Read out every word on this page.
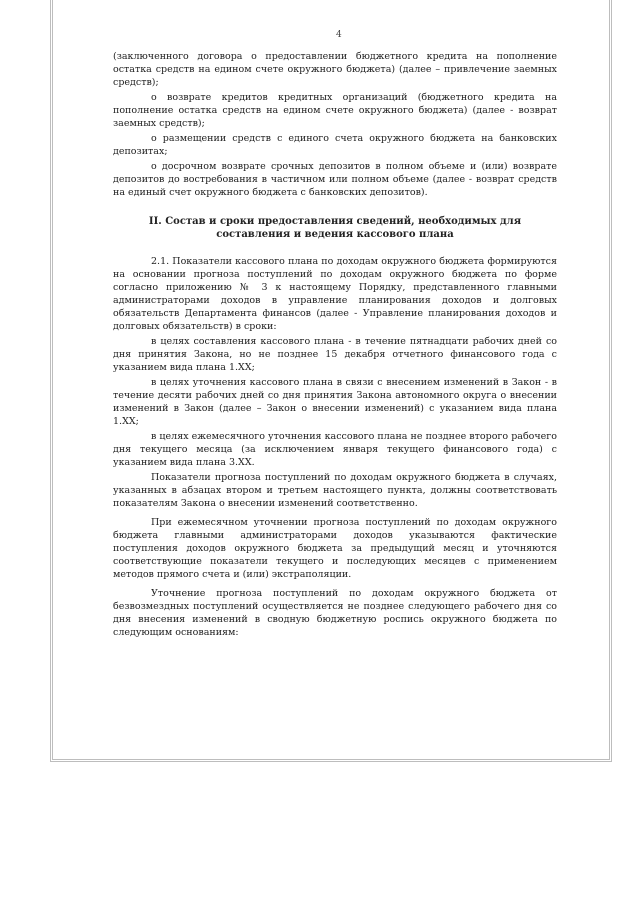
4

(заключенного договора о предоставлении бюджетного кредита на пополнение остатка средств на едином счете окружного бюджета) (далее – привлечение заемных средств);

о возврате кредитов кредитных организаций (бюджетного кредита на пополнение остатка средств на едином счете окружного бюджета) (далее - возврат заемных средств);

о размещении средств с единого счета окружного бюджета на банковских депозитах;

о досрочном возврате срочных депозитов в полном объеме и (или) возврате депозитов до востребования в частичном или полном объеме (далее - возврат средств на единый счет окружного бюджета с банковских депозитов).

II. Состав и сроки предоставления сведений, необходимых для составления и ведения кассового плана

2.1. Показатели кассового плана по доходам окружного бюджета формируются на основании прогноза поступлений по доходам окружного бюджета по форме согласно приложению № 3 к настоящему Порядку, представленного главными администраторами доходов в управление планирования доходов и долговых обязательств Департамента финансов (далее - Управление планирования доходов и долговых обязательств) в сроки:

в целях составления кассового плана - в течение пятнадцати рабочих дней со дня принятия Закона, но не позднее 15 декабря отчетного финансового года с указанием вида плана 1.XX;

в целях уточнения кассового плана в связи с внесением изменений в Закон - в течение десяти рабочих дней со дня принятия Закона автономного округа о внесении изменений в Закон (далее – Закон о внесении изменений) с указанием вида плана 1.XX;

в целях ежемесячного уточнения кассового плана не позднее второго рабочего дня текущего месяца (за исключением января текущего финансового года) с указанием вида плана 3.XX.

Показатели прогноза поступлений по доходам окружного бюджета в случаях, указанных в абзацах втором и третьем настоящего пункта, должны соответствовать показателям Закона о внесении изменений соответственно.

При ежемесячном уточнении прогноза поступлений по доходам окружного бюджета главными администраторами доходов указываются фактические поступления доходов окружного бюджета за предыдущий месяц и уточняются соответствующие показатели текущего и последующих месяцев с применением методов прямого счета и (или) экстраполяции.

Уточнение прогноза поступлений по доходам окружного бюджета от безвозмездных поступлений осуществляется не позднее следующего рабочего дня со дня внесения изменений в сводную бюджетную роспись окружного бюджета по следующим основаниям:
